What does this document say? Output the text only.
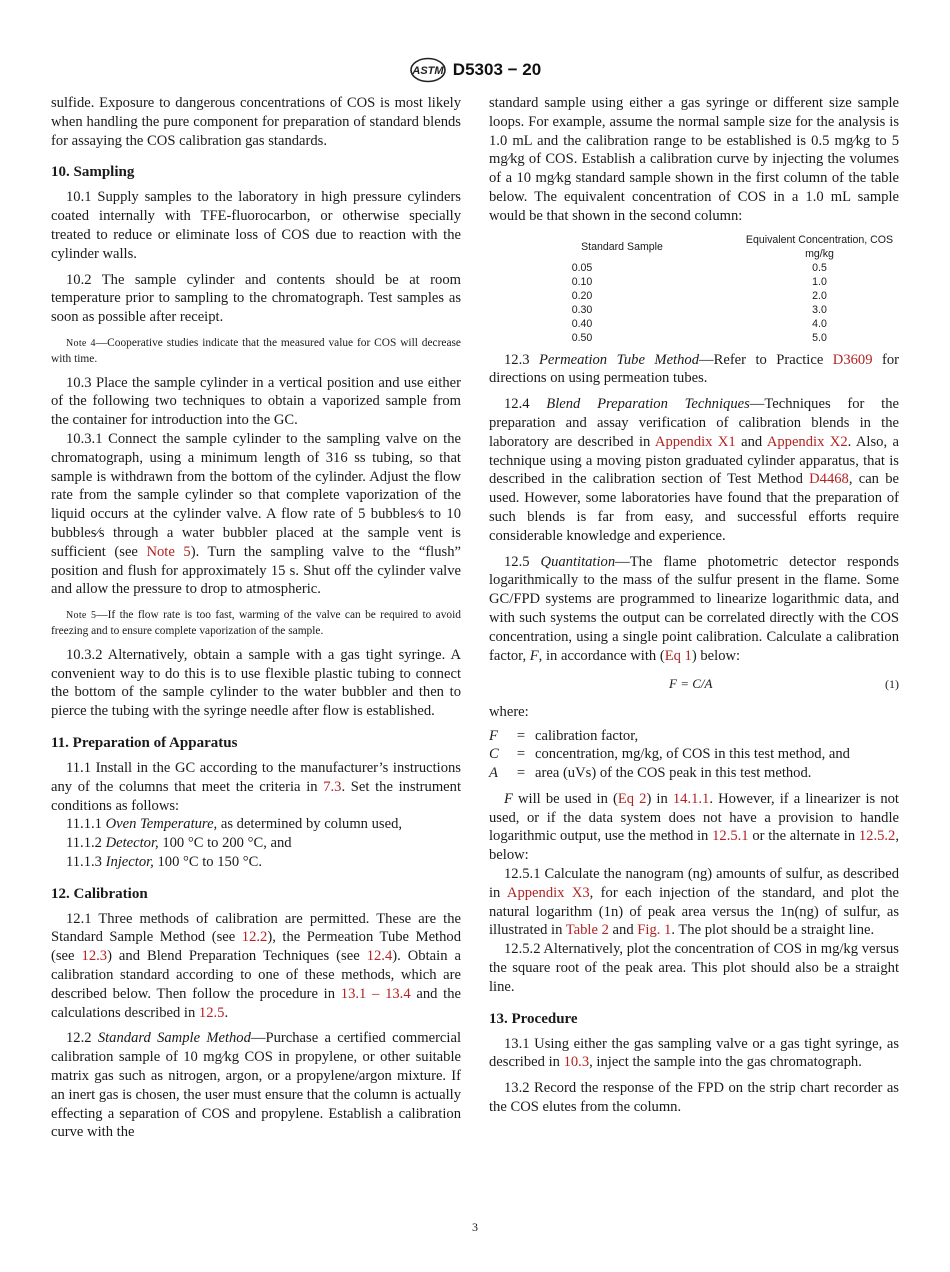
ASTM D5303 − 20

sulfide. Exposure to dangerous concentrations of COS is most likely when handling the pure component for preparation of standard blends for assaying the COS calibration gas standards.

10. Sampling

10.1 Supply samples to the laboratory in high pressure cylinders coated internally with TFE-fluorocarbon, or otherwise specially treated to reduce or eliminate loss of COS due to reaction with the cylinder walls.

10.2 The sample cylinder and contents should be at room temperature prior to sampling to the chromatograph. Test samples as soon as possible after receipt.

Note 4—Cooperative studies indicate that the measured value for COS will decrease with time.

10.3 Place the sample cylinder in a vertical position and use either of the following two techniques to obtain a vaporized sample from the container for introduction into the GC.

10.3.1 Connect the sample cylinder to the sampling valve on the chromatograph, using a minimum length of 316 ss tubing, so that sample is withdrawn from the bottom of the cylinder. Adjust the flow rate from the sample cylinder so that complete vaporization of the liquid occurs at the cylinder valve. A flow rate of 5 bubbles⁄s to 10 bubbles⁄s through a water bubbler placed at the sample vent is sufficient (see Note 5). Turn the sampling valve to the “flush” position and flush for approximately 15 s. Shut off the cylinder valve and allow the pressure to drop to atmospheric.

Note 5—If the flow rate is too fast, warming of the valve can be required to avoid freezing and to ensure complete vaporization of the sample.

10.3.2 Alternatively, obtain a sample with a gas tight syringe. A convenient way to do this is to use flexible plastic tubing to connect the bottom of the sample cylinder to the water bubbler and then to pierce the tubing with the syringe needle after flow is established.

11. Preparation of Apparatus

11.1 Install in the GC according to the manufacturer’s instructions any of the columns that meet the criteria in 7.3. Set the instrument conditions as follows:

11.1.1 Oven Temperature, as determined by column used,

11.1.2 Detector, 100 °C to 200 °C, and

11.1.3 Injector, 100 °C to 150 °C.

12. Calibration

12.1 Three methods of calibration are permitted. These are the Standard Sample Method (see 12.2), the Permeation Tube Method (see 12.3) and Blend Preparation Techniques (see 12.4). Obtain a calibration standard according to one of these methods, which are described below. Then follow the procedure in 13.1 – 13.4 and the calculations described in 12.5.

12.2 Standard Sample Method—Purchase a certified commercial calibration sample of 10 mg⁄kg COS in propylene, or other suitable matrix gas such as nitrogen, argon, or a propylene/argon mixture. If an inert gas is chosen, the user must ensure that the column is actually effecting a separation of COS and propylene. Establish a calibration curve with the

standard sample using either a gas syringe or different size sample loops. For example, assume the normal sample size for the analysis is 1.0 mL and the calibration range to be established is 0.5 mg⁄kg to 5 mg⁄kg of COS. Establish a calibration curve by injecting the volumes of a 10 mg⁄kg standard sample shown in the first column of the table below. The equivalent concentration of COS in a 1.0 mL sample would be that shown in the second column:

Standard Sample	Equivalent Concentration, COS mg/kg
0.05	0.5
0.10	1.0
0.20	2.0
0.30	3.0
0.40	4.0
0.50	5.0

12.3 Permeation Tube Method—Refer to Practice D3609 for directions on using permeation tubes.

12.4 Blend Preparation Techniques—Techniques for the preparation and assay verification of calibration blends in the laboratory are described in Appendix X1 and Appendix X2. Also, a technique using a moving piston graduated cylinder apparatus, that is described in the calibration section of Test Method D4468, can be used. However, some laboratories have found that the preparation of such blends is far from easy, and successful efforts require considerable knowledge and experience.

12.5 Quantitation—The flame photometric detector responds logarithmically to the mass of the sulfur present in the flame. Some GC/FPD systems are programmed to linearize logarithmic data, and with such systems the output can be correlated directly with the COS concentration, using a single point calibration. Calculate a calibration factor, F, in accordance with (Eq 1) below:

F = C/A	(1)
where:
F	= calibration factor,
C	= concentration, mg/kg, of COS in this test method, and
A	= area (uVs) of the COS peak in this test method.

F will be used in (Eq 2) in 14.1.1. However, if a linearizer is not used, or if the data system does not have a provision to handle logarithmic output, use the method in 12.5.1 or the alternate in 12.5.2, below:

12.5.1 Calculate the nanogram (ng) amounts of sulfur, as described in Appendix X3, for each injection of the standard, and plot the natural logarithm (1n) of peak area versus the 1n(ng) of sulfur, as illustrated in Table 2 and Fig. 1. The plot should be a straight line.

12.5.2 Alternatively, plot the concentration of COS in mg/kg versus the square root of the peak area. This plot should also be a straight line.

13. Procedure

13.1 Using either the gas sampling valve or a gas tight syringe, as described in 10.3, inject the sample into the gas chromatograph.

13.2 Record the response of the FPD on the strip chart recorder as the COS elutes from the column.

3
